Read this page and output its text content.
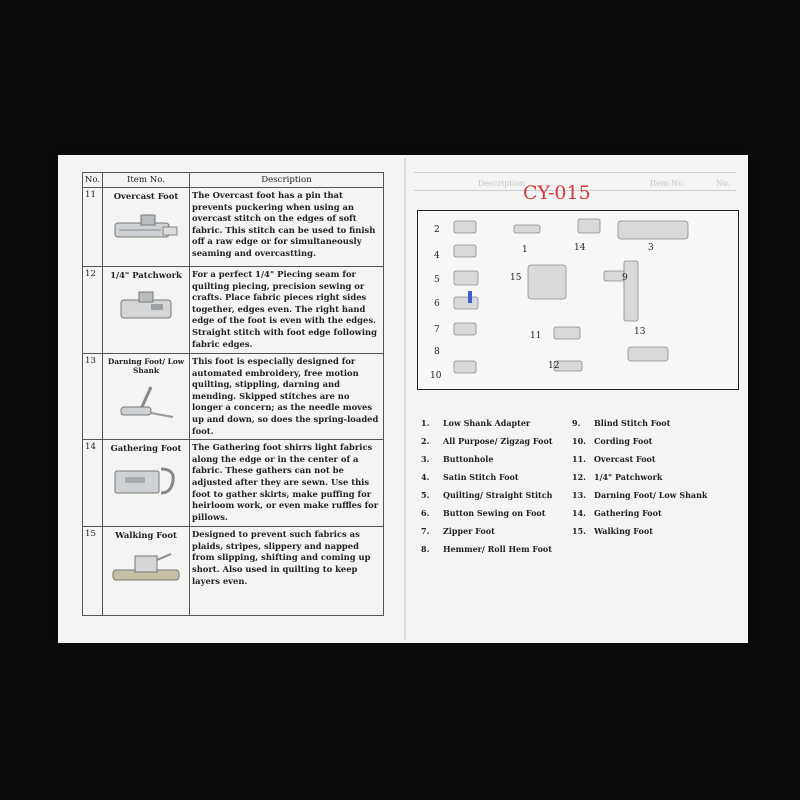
No.	Item No.	Description
11	Overcast Foot	The Overcast foot has a pin that prevents puckering when using an overcast stitch on the edges of soft fabric. This stitch can be used to finish off a raw edge or for simultaneously seaming and overcastting.
12	1/4" Patchwork	For a perfect 1/4" Piecing seam for quilting piecing, precision sewing or crafts. Place fabric pieces right sides together, edges even. The right hand edge of the foot is even with the edges. Straight stitch with foot edge following fabric edges.
13	Darning Foot/ Low Shank	This foot is especially designed for automated embroidery, free motion quilting, stippling, darning and mending. Skipped stitches are no longer a concern; as the needle moves up and down, so does the spring-loaded foot.
14	Gathering Foot	The Gathering foot shirrs light fabrics along the edge or in the center of a fabric. These gathers can not be adjusted after they are sewn. Use this foot to gather skirts, make puffing for heirloom work, or even make ruffles for pillows.
15	Walking Foot	Designed to prevent such fabrics as plaids, stripes, slippery and napped from slipping, shifting and coming up short. Also used in quilting to keep layers even.
Description	Item No.	No.
CY-015
2
1	14	3
4
5	15	9
6
7
11	13
8
12
10
1. Low Shank Adapter
2. All Purpose/ Zigzag Foot
3. Buttonhole
4. Satin Stitch Foot
5. Quilting/ Straight Stitch
6. Button Sewing on Foot
7. Zipper Foot
8. Hemmer/ Roll Hem Foot
9. Blind Stitch Foot
10. Cording Foot
11. Overcast Foot
12. 1/4" Patchwork
13. Darning Foot/ Low Shank
14. Gathering Foot
15. Walking Foot
